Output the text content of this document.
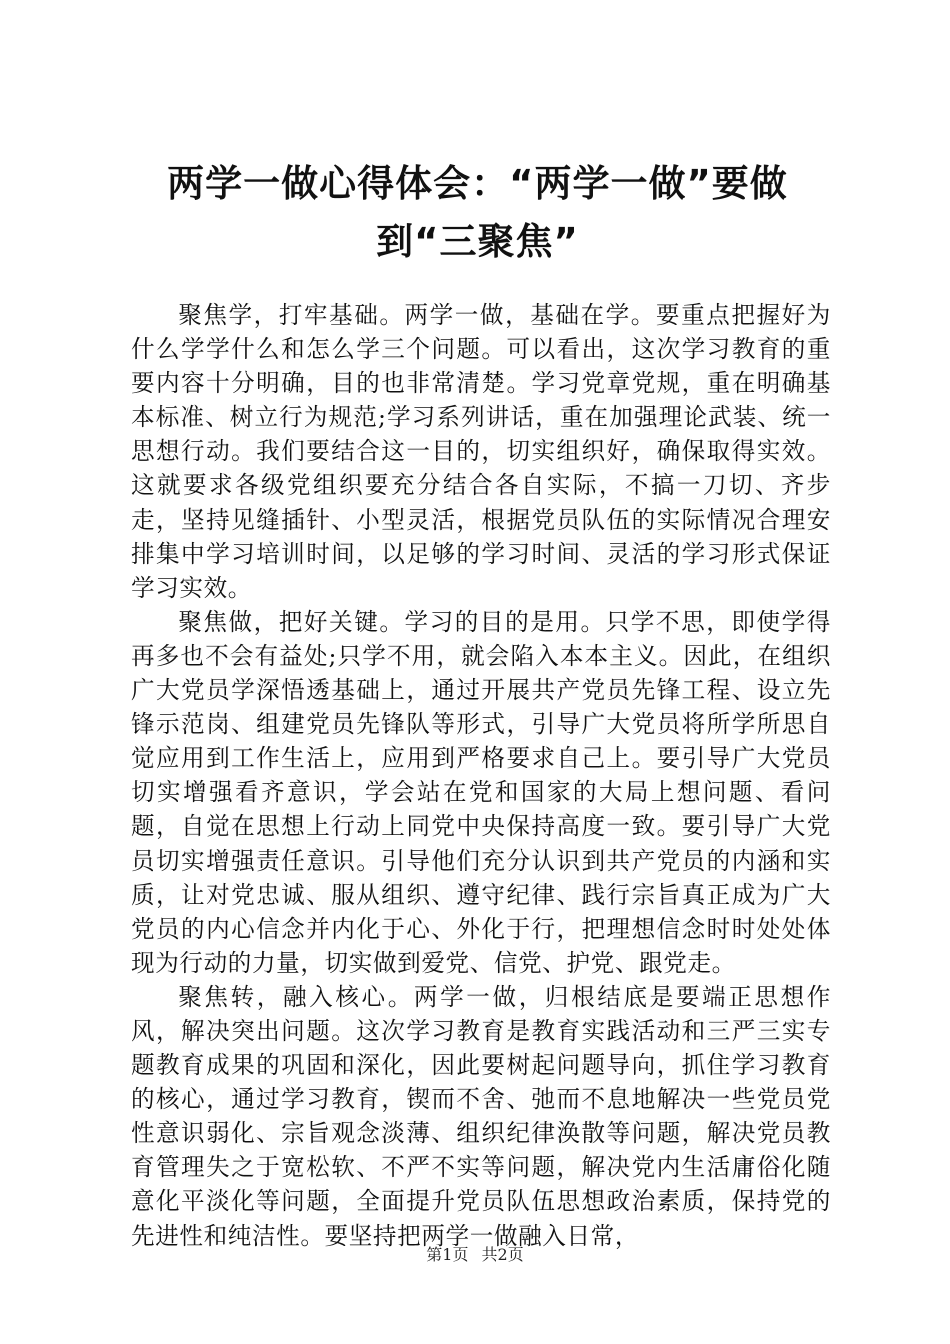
两学一做心得体会：“两学一做”要做到“三聚焦”

聚焦学，打牢基础。两学一做，基础在学。要重点把握好为什么学学什么和怎么学三个问题。可以看出，这次学习教育的重要内容十分明确，目的也非常清楚。学习党章党规，重在明确基本标准、树立行为规范;学习系列讲话，重在加强理论武装、统一思想行动。我们要结合这一目的，切实组织好，确保取得实效。这就要求各级党组织要充分结合各自实际，不搞一刀切、齐步走，坚持见缝插针、小型灵活，根据党员队伍的实际情况合理安排集中学习培训时间，以足够的学习时间、灵活的学习形式保证学习实效。

聚焦做，把好关键。学习的目的是用。只学不思，即使学得再多也不会有益处;只学不用，就会陷入本本主义。因此，在组织广大党员学深悟透基础上，通过开展共产党员先锋工程、设立先锋示范岗、组建党员先锋队等形式，引导广大党员将所学所思自觉应用到工作生活上，应用到严格要求自己上。要引导广大党员切实增强看齐意识，学会站在党和国家的大局上想问题、看问题，自觉在思想上行动上同党中央保持高度一致。要引导广大党员切实增强责任意识。引导他们充分认识到共产党员的内涵和实质，让对党忠诚、服从组织、遵守纪律、践行宗旨真正成为广大党员的内心信念并内化于心、外化于行，把理想信念时时处处体现为行动的力量，切实做到爱党、信党、护党、跟党走。

聚焦转，融入核心。两学一做，归根结底是要端正思想作风，解决突出问题。这次学习教育是教育实践活动和三严三实专题教育成果的巩固和深化，因此要树起问题导向，抓住学习教育的核心，通过学习教育，锲而不舍、弛而不息地解决一些党员党性意识弱化、宗旨观念淡薄、组织纪律涣散等问题，解决党员教育管理失之于宽松软、不严不实等问题，解决党内生活庸俗化随意化平淡化等问题，全面提升党员队伍思想政治素质，保持党的先进性和纯洁性。要坚持把两学一做融入日常，

第1页 共2页
